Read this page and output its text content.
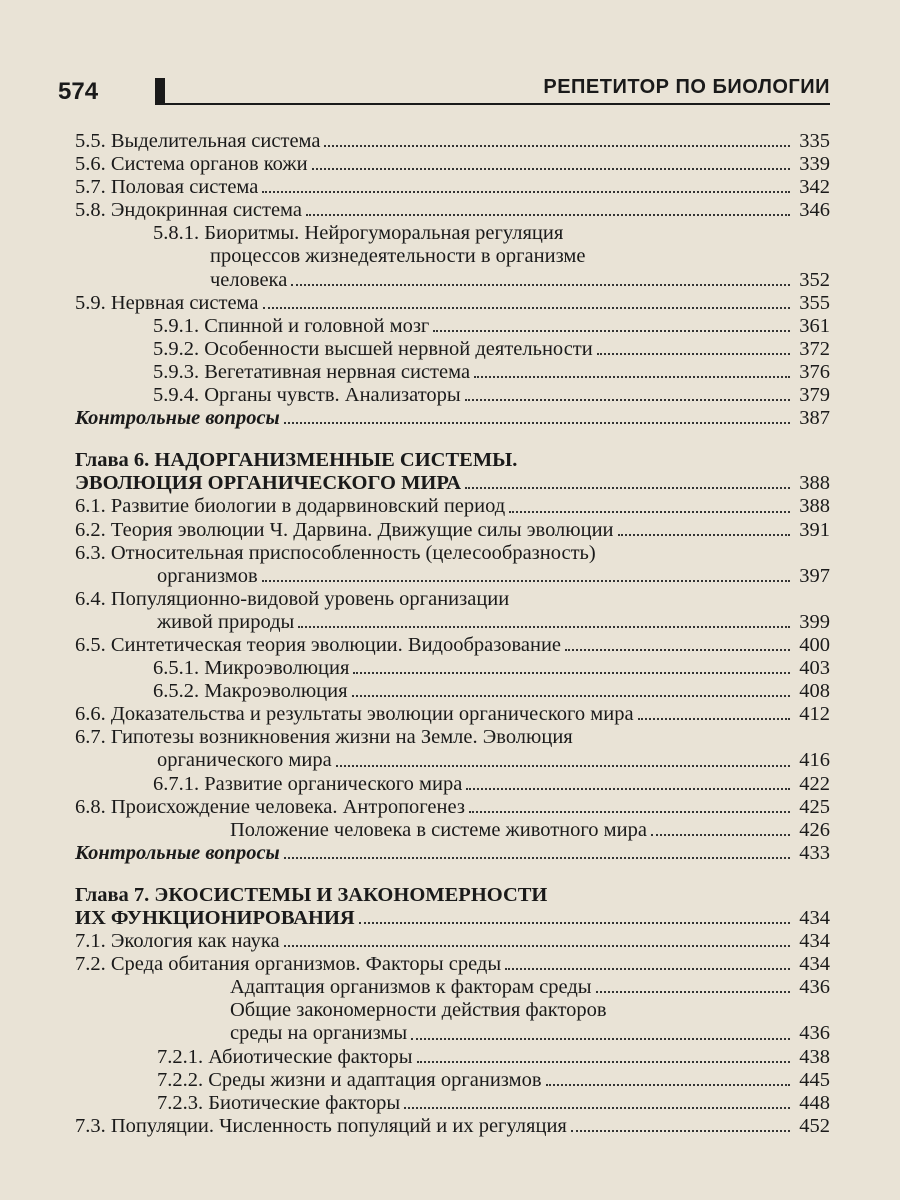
574	РЕПЕТИТОР ПО БИОЛОГИИ
5.5. Выделительная система	335
5.6. Система органов кожи	339
5.7. Половая система	342
5.8. Эндокринная система	346
5.8.1. Биоритмы. Нейрогуморальная регуляция
процессов жизнедеятельности в организме
человека	352
5.9. Нервная система	355
5.9.1. Спинной и головной мозг	361
5.9.2. Особенности высшей нервной деятельности	372
5.9.3. Вегетативная нервная система	376
5.9.4. Органы чувств. Анализаторы	379
Контрольные вопросы	387
Глава 6. НАДОРГАНИЗМЕННЫЕ СИСТЕМЫ.
ЭВОЛЮЦИЯ ОРГАНИЧЕСКОГО МИРА	388
6.1. Развитие биологии в додарвиновский период	388
6.2. Теория эволюции Ч. Дарвина. Движущие силы эволюции	391
6.3. Относительная приспособленность (целесообразность)
организмов	397
6.4. Популяционно-видовой уровень организации
живой природы	399
6.5. Синтетическая теория эволюции. Видообразование	400
6.5.1. Микроэволюция	403
6.5.2. Макроэволюция	408
6.6. Доказательства и результаты эволюции органического мира	412
6.7. Гипотезы возникновения жизни на Земле. Эволюция
органического мира	416
6.7.1. Развитие органического мира	422
6.8. Происхождение человека. Антропогенез	425
Положение человека в системе животного мира	426
Контрольные вопросы	433
Глава 7. ЭКОСИСТЕМЫ И ЗАКОНОМЕРНОСТИ
ИХ ФУНКЦИОНИРОВАНИЯ	434
7.1. Экология как наука	434
7.2. Среда обитания организмов. Факторы среды	434
Адаптация организмов к факторам среды	436
Общие закономерности действия факторов
среды на организмы	436
7.2.1. Абиотические факторы	438
7.2.2. Среды жизни и адаптация организмов	445
7.2.3. Биотические факторы	448
7.3. Популяции. Численность популяций и их регуляция	452
